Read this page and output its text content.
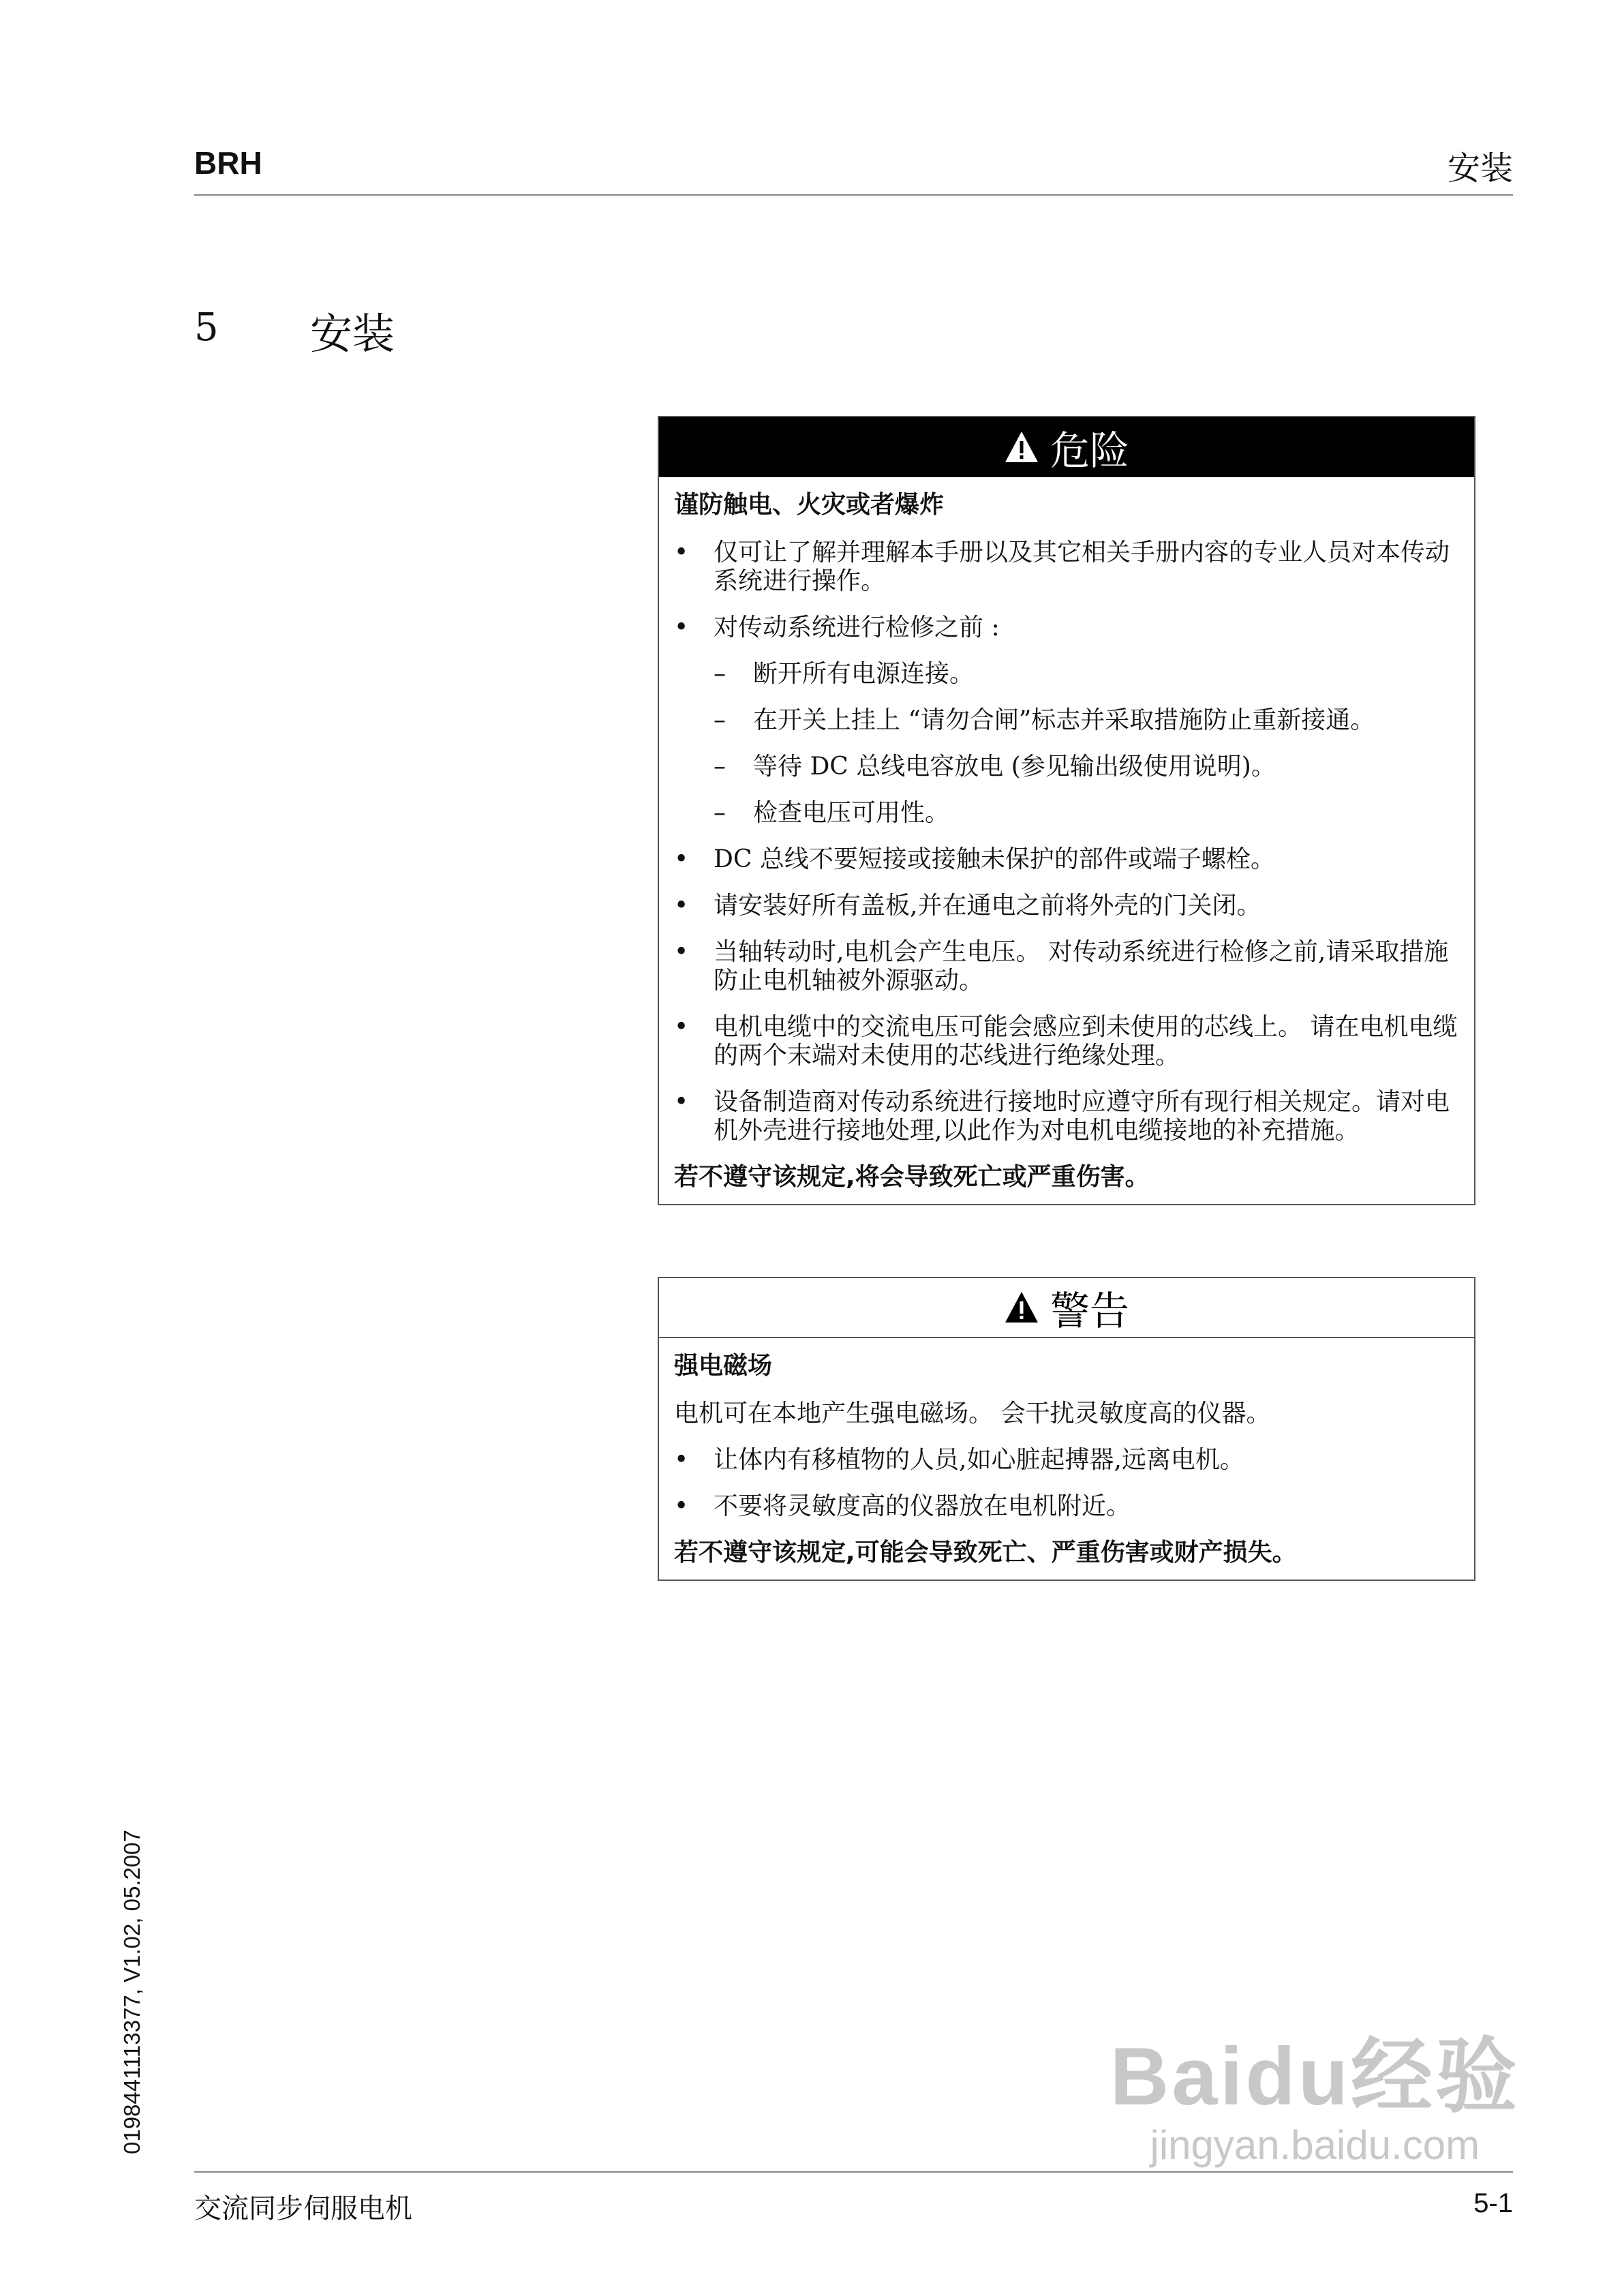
BRH	安装
5 安装
危险
谨防触电、火灾或者爆炸
•	仅可让了解并理解本手册以及其它相关手册内容的专业人员对本传动系统进行操作。
•	对传动系统进行检修之前 :
–	断开所有电源连接。
–	在开关上挂上 “请勿合闸”标志并采取措施防止重新接通。
–	等待 DC 总线电容放电 (参见输出级使用说明)。
–	检查电压可用性。
•	DC 总线不要短接或接触未保护的部件或端子螺栓。
•	请安装好所有盖板,并在通电之前将外壳的门关闭。
•	当轴转动时,电机会产生电压。 对传动系统进行检修之前,请采取措施防止电机轴被外源驱动。
•	电机电缆中的交流电压可能会感应到未使用的芯线上。 请在电机电缆的两个末端对未使用的芯线进行绝缘处理。
•	设备制造商对传动系统进行接地时应遵守所有现行相关规定。请对电机外壳进行接地处理,以此作为对电机电缆接地的补充措施。
若不遵守该规定,将会导致死亡或严重伤害。
警告
强电磁场
电机可在本地产生强电磁场。 会干扰灵敏度高的仪器。
•	让体内有移植物的人员,如心脏起搏器,远离电机。
•	不要将灵敏度高的仪器放在电机附近。
若不遵守该规定,可能会导致死亡、严重伤害或财产损失。
0198441113377, V1.02, 05.2007	Baidu经验
jingyan.baidu.com
交流同步伺服电机	5-1
